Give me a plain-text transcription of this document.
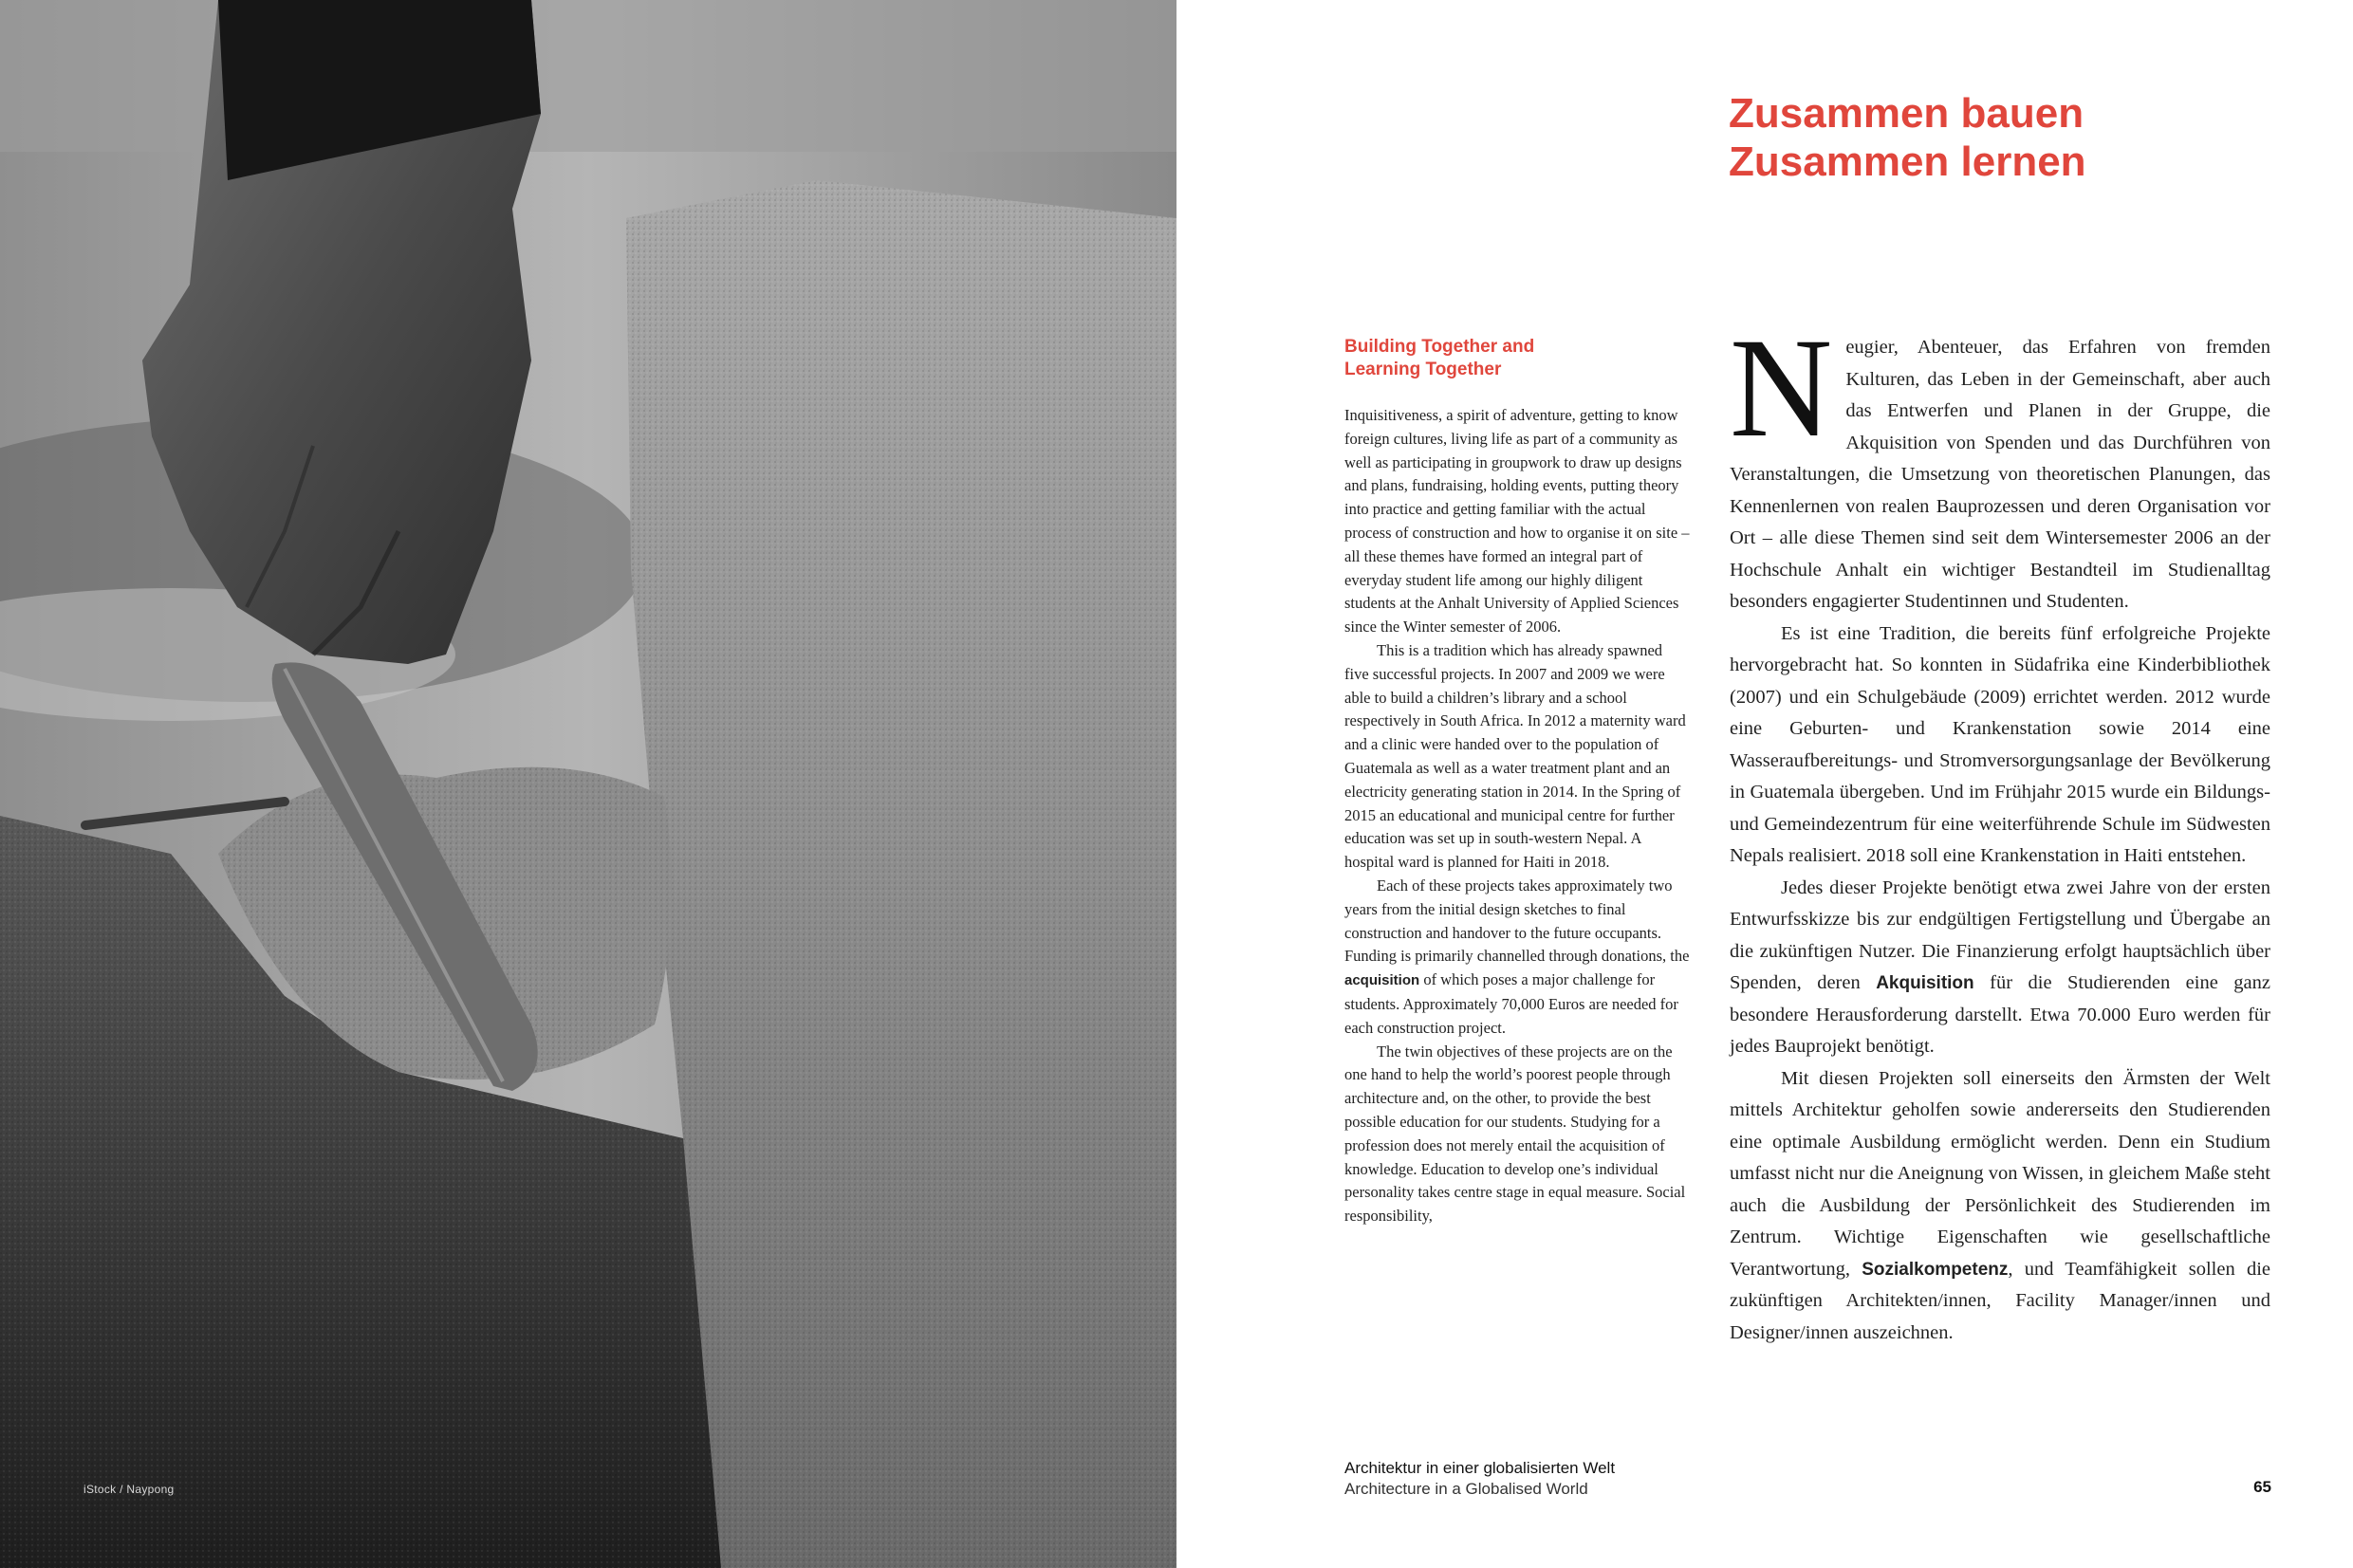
iStock / Naypong
Zusammen bauen
Zusammen lernen
Building Together and
Learning Together

Inquisitiveness, a spirit of adventure, getting to know foreign cultures, living life as part of a community as well as participating in groupwork to draw up designs and plans, fundraising, holding events, putting theory into practice and getting familiar with the actual process of construction and how to organise it on site – all these themes have formed an integral part of everyday student life among our highly diligent students at the Anhalt University of Applied Sciences since the Winter semester of 2006.

This is a tradition which has already spawned five successful projects. In 2007 and 2009 we were able to build a children’s library and a school respectively in South Africa. In 2012 a maternity ward and a clinic were handed over to the population of Guatemala as well as a water treatment plant and an electricity generating station in 2014. In the Spring of 2015 an educational and municipal centre for further education was set up in south-western Nepal. A hospital ward is planned for Haiti in 2018.

Each of these projects takes approximately two years from the initial design sketches to final construction and handover to the future occupants. Funding is primarily channelled through donations, the acquisition of which poses a major challenge for students. Approximately 70,000 Euros are needed for each construction project.

The twin objectives of these projects are on the one hand to help the world’s poorest people through architecture and, on the other, to provide the best possible education for our students. Studying for a profession does not merely entail the acquisition of knowledge. Education to develop one’s individual personality takes centre stage in equal measure. Social responsibility,

Neugier, Abenteuer, das Erfahren von fremden Kulturen, das Leben in der Gemeinschaft, aber auch das Entwerfen und Planen in der Gruppe, die Akquisition von Spenden und das Durchführen von Veranstaltungen, die Umsetzung von theoretischen Planungen, das Kennenlernen von realen Bauprozessen und deren Organisation vor Ort – alle diese Themen sind seit dem Wintersemester 2006 an der Hochschule Anhalt ein wichtiger Bestandteil im Studienalltag besonders engagierter Studentinnen und Studenten.

Es ist eine Tradition, die bereits fünf erfolgreiche Projekte hervorgebracht hat. So konnten in Südafrika eine Kinderbibliothek (2007) und ein Schulgebäude (2009) errichtet werden. 2012 wurde eine Geburten- und Krankenstation sowie 2014 eine Wasseraufbereitungs- und Stromversorgungsanlage der Bevölkerung in Guatemala übergeben. Und im Frühjahr 2015 wurde ein Bildungs- und Gemeindezentrum für eine weiterführende Schule im Südwesten Nepals realisiert. 2018 soll eine Krankenstation in Haiti entstehen.

Jedes dieser Projekte benötigt etwa zwei Jahre von der ersten Entwurfsskizze bis zur endgültigen Fertigstellung und Übergabe an die zukünftigen Nutzer. Die Finanzierung erfolgt hauptsächlich über Spenden, deren Akquisition für die Studierenden eine ganz besondere Herausforderung darstellt. Etwa 70.000 Euro werden für jedes Bauprojekt benötigt.

Mit diesen Projekten soll einerseits den Ärmsten der Welt mittels Architektur geholfen sowie andererseits den Studierenden eine optimale Ausbildung ermöglicht werden. Denn ein Studium umfasst nicht nur die Aneignung von Wissen, in gleichem Maße steht auch die Ausbildung der Persönlichkeit des Studierenden im Zentrum. Wichtige Eigenschaften wie gesellschaftliche Verantwortung, Sozialkompetenz, und Teamfähigkeit sollen die zukünftigen Architekten/innen, Facility Manager/innen und Designer/innen auszeichnen.

Architektur in einer globalisierten Welt
Architecture in a Globalised World	65
